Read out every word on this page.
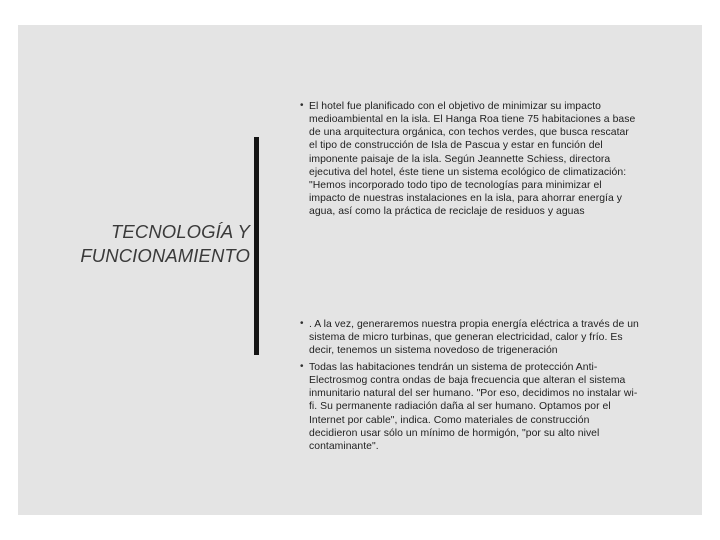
TECNOLOGÍA Y FUNCIONAMIENTO
• El hotel fue planificado con el objetivo de minimizar su impacto medioambiental en la isla. El Hanga Roa tiene 75 habitaciones a base de una arquitectura orgánica, con techos verdes, que busca rescatar el tipo de construcción de Isla de Pascua y estar en función del imponente paisaje de la isla. Según Jeannette Schiess, directora ejecutiva del hotel, éste tiene un sistema ecológico de climatización: "Hemos incorporado todo tipo de tecnologías para minimizar el impacto de nuestras instalaciones en la isla, para ahorrar energía y agua, así como la práctica de reciclaje de residuos y aguas
• . A la vez, generaremos nuestra propia energía eléctrica a través de un sistema de micro turbinas, que generan electricidad, calor y frío. Es decir, tenemos un sistema novedoso de trigeneración
• Todas las habitaciones tendrán un sistema de protección Anti-Electrosmog contra ondas de baja frecuencia que alteran el sistema inmunitario natural del ser humano. "Por eso, decidimos no instalar wi-fi. Su permanente radiación daña al ser humano. Optamos por el Internet por cable", indica. Como materiales de construcción decidieron usar sólo un mínimo de hormigón, "por su alto nivel contaminante".
